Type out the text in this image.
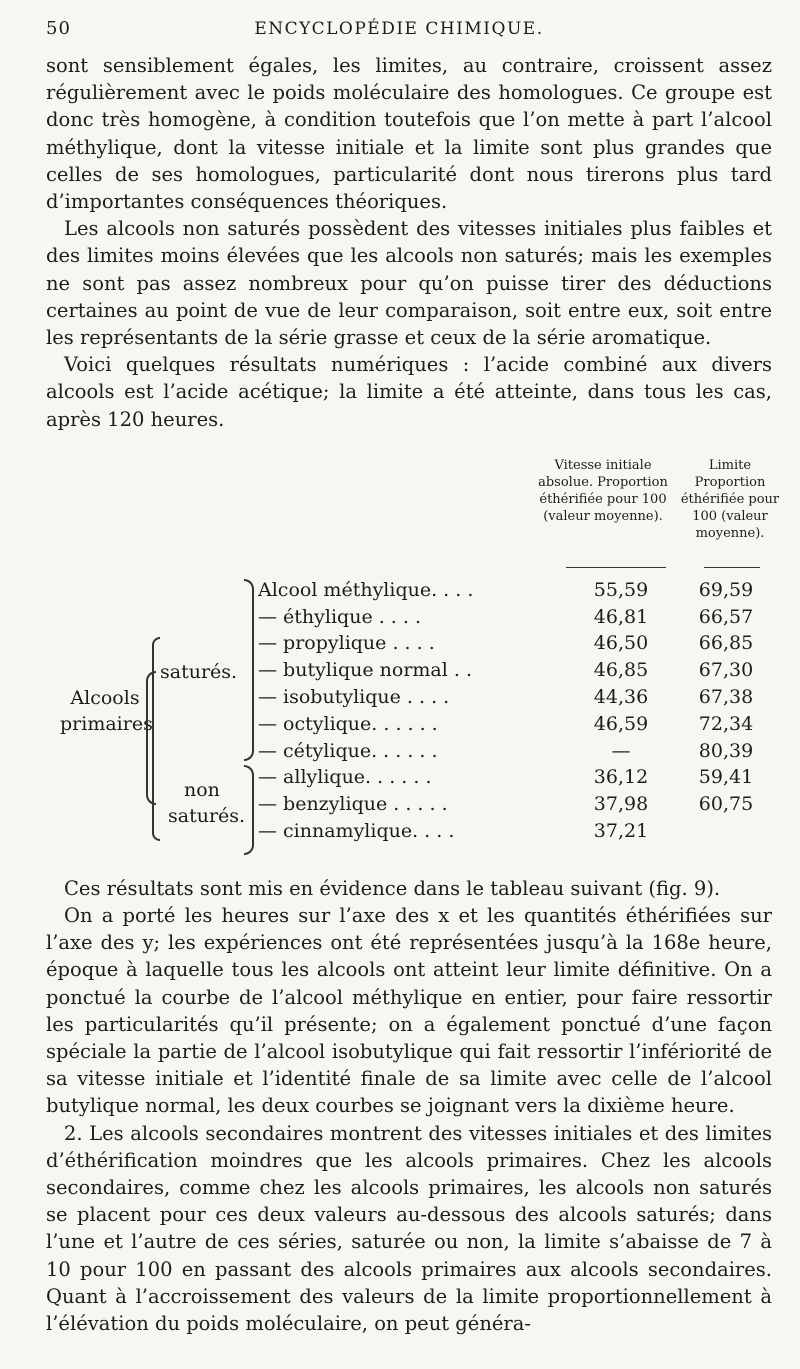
50	ENCYCLOPÉDIE CHIMIQUE.

sont sensiblement égales, les limites, au contraire, croissent assez régulièrement avec le poids moléculaire des homologues. Ce groupe est donc très homogène, à condition toutefois que l’on mette à part l’alcool méthylique, dont la vitesse initiale et la limite sont plus grandes que celles de ses homologues, particularité dont nous tirerons plus tard d’importantes conséquences théoriques.

Les alcools non saturés possèdent des vitesses initiales plus faibles et des limites moins élevées que les alcools non saturés; mais les exemples ne sont pas assez nombreux pour qu’on puisse tirer des déductions certaines au point de vue de leur comparaison, soit entre eux, soit entre les représentants de la série grasse et ceux de la série aromatique.

Voici quelques résultats numériques : l’acide combiné aux divers alcools est l’acide acétique; la limite a été atteinte, dans tous les cas, après 120 heures.

Vitesse initiale absolue. Proportion éthérifiée pour 100 (valeur moyenne).
Limite Proportion éthérifiée pour 100 (valeur moyenne).
Alcools primaires
saturés.
non
saturés.
Alcool méthylique. . . .	55,59	69,59
— éthylique . . . .	46,81	66,57
— propylique . . . .	46,50	66,85
— butylique normal . .	46,85	67,30
— isobutylique . . . .	44,36	67,38
— octylique. . . . . .	46,59	72,34
— cétylique. . . . . .	—	80,39
— allylique. . . . . .	36,12	59,41
— benzylique . . . . .	37,98	60,75
— cinnamylique. . . .	37,21

Ces résultats sont mis en évidence dans le tableau suivant (fig. 9).

On a porté les heures sur l’axe des x et les quantités éthérifiées sur l’axe des y; les expériences ont été représentées jusqu’à la 168e heure, époque à laquelle tous les alcools ont atteint leur limite définitive. On a ponctué la courbe de l’alcool méthylique en entier, pour faire ressortir les particularités qu’il présente; on a également ponctué d’une façon spéciale la partie de l’alcool isobutylique qui fait ressortir l’infériorité de sa vitesse initiale et l’identité finale de sa limite avec celle de l’alcool butylique normal, les deux courbes se joignant vers la dixième heure.

2. Les alcools secondaires montrent des vitesses initiales et des limites d’éthérification moindres que les alcools primaires. Chez les alcools secondaires, comme chez les alcools primaires, les alcools non saturés se placent pour ces deux valeurs au-dessous des alcools saturés; dans l’une et l’autre de ces séries, saturée ou non, la limite s’abaisse de 7 à 10 pour 100 en passant des alcools primaires aux alcools secondaires. Quant à l’accroissement des valeurs de la limite proportionnellement à l’élévation du poids moléculaire, on peut généra-
